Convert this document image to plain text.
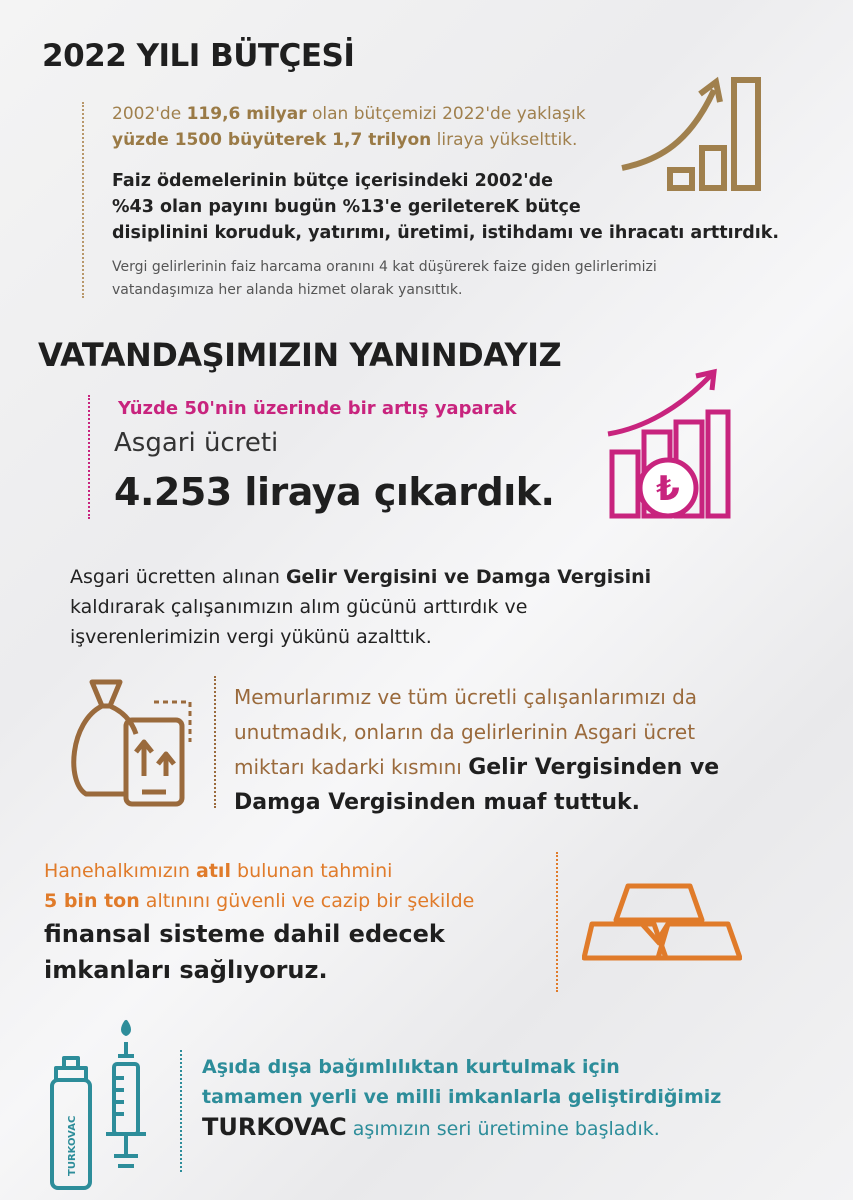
2022 YILI BÜTÇESİ

2002'de 119,6 milyar olan bütçemizi 2022'de yaklaşık

yüzde 1500 büyüterek 1,7 trilyon liraya yükselttik.

Faiz ödemelerinin bütçe içerisindeki 2002'de
%43 olan payını bugün %13'e geriletereK bütçe
disiplinini koruduk, yatırımı, üretimi, istihdamı ve ihracatı arttırdık.

Vergi gelirlerinin faiz harcama oranını 4 kat düşürerek faize giden gelirlerimizi
vatandaşımıza her alanda hizmet olarak yansıttık.

VATANDAŞIMIZIN YANINDAYIZ

Yüzde 50'nin üzerinde bir artış yaparak

Asgari ücreti

4.253 liraya çıkardık.	₺

Asgari ücretten alınan Gelir Vergisini ve Damga Vergisini
kaldırarak çalışanımızın alım gücünü arttırdık ve
işverenlerimizin vergi yükünü azalttık.

Memurlarımız ve tüm ücretli çalışanlarımızı da
unutmadık, onların da gelirlerinin Asgari ücret
miktarı kadarki kısmını Gelir Vergisinden ve
Damga Vergisinden muaf tuttuk.

Hanehalkımızın atıl bulunan tahmini
5 bin ton altınını güvenli ve cazip bir şekilde

finansal sisteme dahil edecek
imkanları sağlıyoruz.

TURKOVAC

Aşıda dışa bağımlılıktan kurtulmak için
tamamen yerli ve milli imkanlarla geliştirdiğimiz
TURKOVAC aşımızın seri üretimine başladık.
